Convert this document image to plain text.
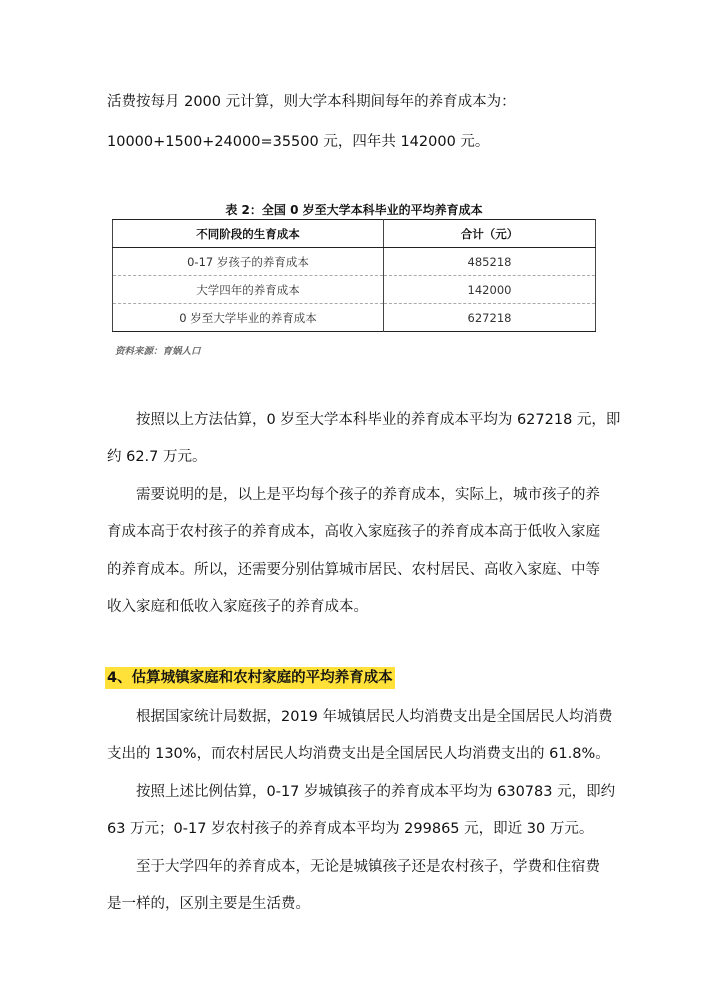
活费按每月 2000 元计算，则大学本科期间每年的养育成本为：
10000+1500+24000=35500 元，四年共 142000 元。
表 2：全国 0 岁至大学本科毕业的平均养育成本
不同阶段的生育成本	合计（元）
0-17 岁孩子的养育成本	485218
大学四年的养育成本	142000
0 岁至大学毕业的养育成本	627218
资料来源：育娲人口
按照以上方法估算，0 岁至大学本科毕业的养育成本平均为 627218 元，即
约 62.7 万元。
需要说明的是，以上是平均每个孩子的养育成本，实际上，城市孩子的养
育成本高于农村孩子的养育成本，高收入家庭孩子的养育成本高于低收入家庭
的养育成本。所以，还需要分别估算城市居民、农村居民、高收入家庭、中等
收入家庭和低收入家庭孩子的养育成本。
4、估算城镇家庭和农村家庭的平均养育成本
根据国家统计局数据，2019 年城镇居民人均消费支出是全国居民人均消费
支出的 130%，而农村居民人均消费支出是全国居民人均消费支出的 61.8%。
按照上述比例估算，0-17 岁城镇孩子的养育成本平均为 630783 元，即约
63 万元；0-17 岁农村孩子的养育成本平均为 299865 元，即近 30 万元。
至于大学四年的养育成本，无论是城镇孩子还是农村孩子，学费和住宿费
是一样的，区别主要是生活费。
